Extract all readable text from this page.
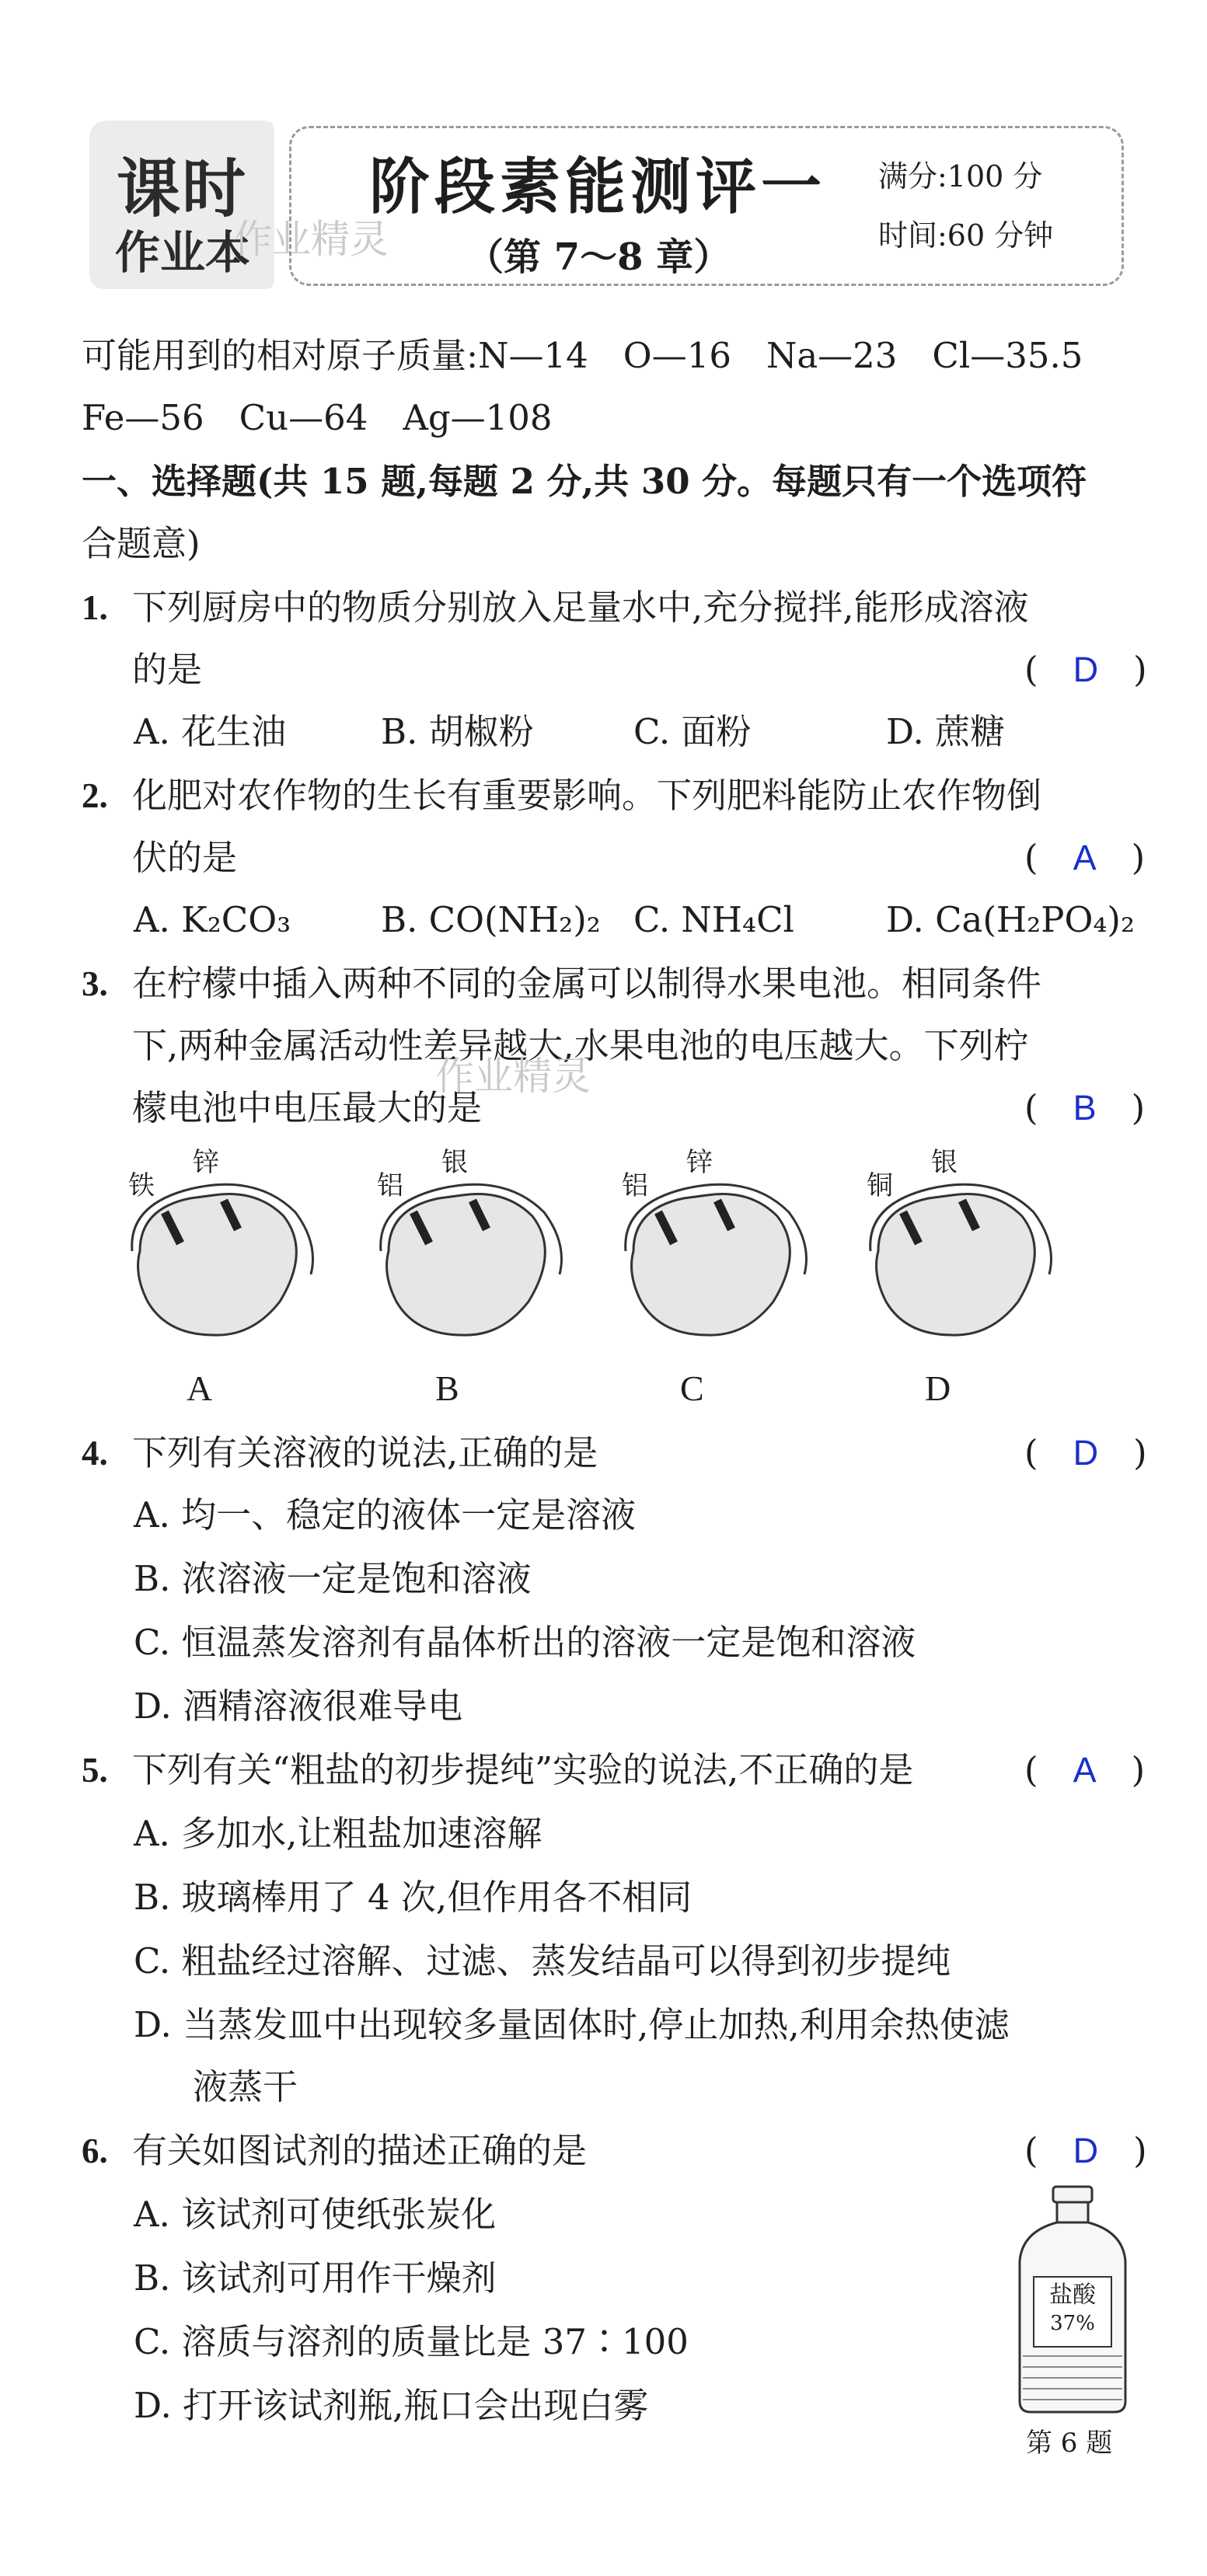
课时
作业本
作业精灵
阶段素能测评一
（第 7～8 章）
满分:100 分
时间:60 分钟
可能用到的相对原子质量:N—14　O—16　Na—23　Cl—35.5
Fe—56　Cu—64　Ag—108
一、选择题(共 15 题,每题 2 分,共 30 分。每题只有一个选项符
合题意)
1. 下列厨房中的物质分别放入足量水中,充分搅拌,能形成溶液
的是	(　D　)
A. 花生油	B. 胡椒粉	C. 面粉	D. 蔗糖
2. 化肥对农作物的生长有重要影响。下列肥料能防止农作物倒
伏的是	(　A　)
A. K₂CO₃	B. CO(NH₂)₂ C. NH₄Cl	D. Ca(H₂PO₄)₂
3. 在柠檬中插入两种不同的金属可以制得水果电池。相同条件
下,两种金属活动性差异越大,水果电池的电压越大。下列柠
作业精灵
檬电池中电压最大的是	(　B　)
铁
锌
A
铝
银
B
铝
锌
C
铜
银
D
4. 下列有关溶液的说法,正确的是	(　D　)
A. 均一、稳定的液体一定是溶液
B. 浓溶液一定是饱和溶液
C. 恒温蒸发溶剂有晶体析出的溶液一定是饱和溶液
D. 酒精溶液很难导电
5. 下列有关“粗盐的初步提纯”实验的说法,不正确的是	(　A　)
A. 多加水,让粗盐加速溶解
B. 玻璃棒用了 4 次,但作用各不相同
C. 粗盐经过溶解、过滤、蒸发结晶可以得到初步提纯
D. 当蒸发皿中出现较多量固体时,停止加热,利用余热使滤
液蒸干
6. 有关如图试剂的描述正确的是	(　D　)
A. 该试剂可使纸张炭化
B. 该试剂可用作干燥剂
C. 溶质与溶剂的质量比是 37∶100
D. 打开该试剂瓶,瓶口会出现白雾
盐酸
37%
第 6 题
